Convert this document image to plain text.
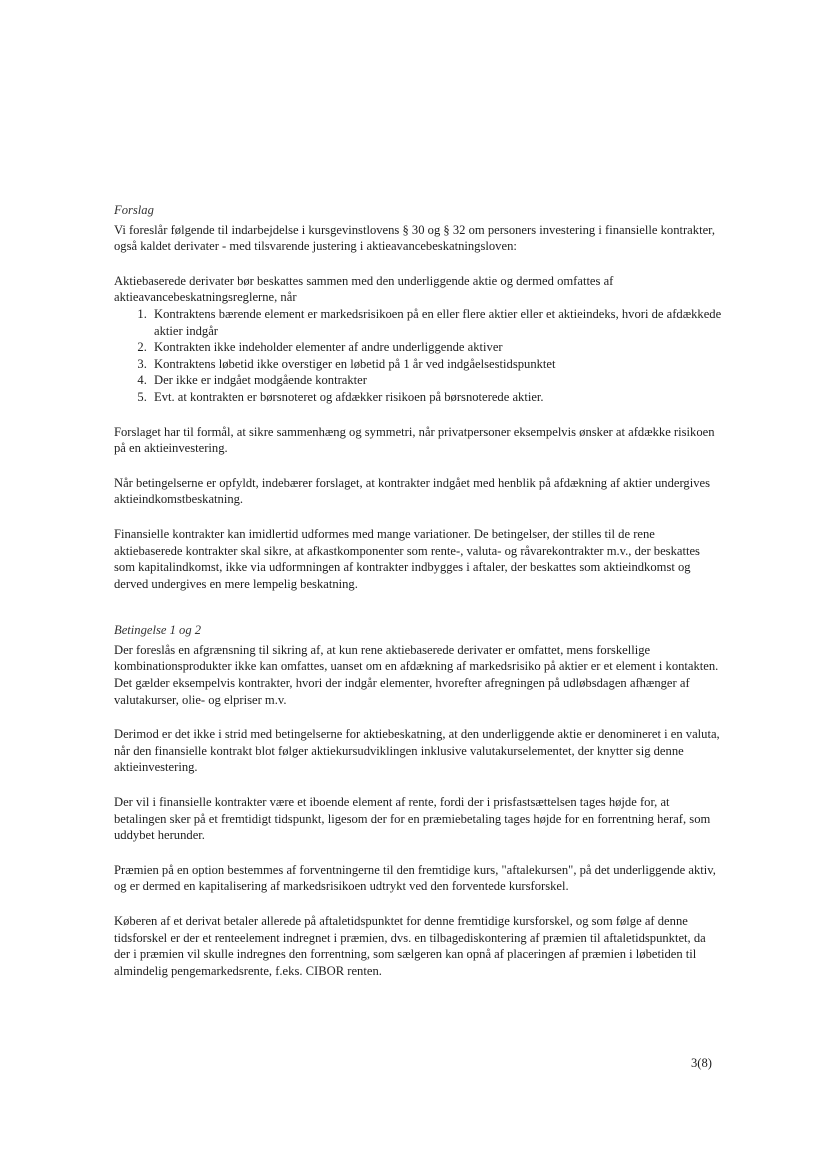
Forslag

Vi foreslår følgende til indarbejdelse i kursgevinstlovens § 30 og § 32 om personers investering i finansielle kontrakter, også kaldet derivater - med tilsvarende justering i aktieavancebeskatningsloven:

Aktiebaserede derivater bør beskattes sammen med den underliggende aktie og dermed omfattes af aktieavancebeskatningsreglerne, når

1. Kontraktens bærende element er markedsrisikoen på en eller flere aktier eller et aktieindeks, hvori de afdækkede aktier indgår
2. Kontrakten ikke indeholder elementer af andre underliggende aktiver
3. Kontraktens løbetid ikke overstiger en løbetid på 1 år ved indgåelsestidspunktet
4. Der ikke er indgået modgående kontrakter
5. Evt. at kontrakten er børsnoteret og afdækker risikoen på børsnoterede aktier.

Forslaget har til formål, at sikre sammenhæng og symmetri, når privatpersoner eksempelvis ønsker at afdække risikoen på en aktieinvestering.

Når betingelserne er opfyldt, indebærer forslaget, at kontrakter indgået med henblik på afdækning af aktier undergives aktieindkomstbeskatning.

Finansielle kontrakter kan imidlertid udformes med mange variationer. De betingelser, der stilles til de rene aktiebaserede kontrakter skal sikre, at afkastkomponenter som rente-, valuta- og råvarekontrakter m.v., der beskattes som kapitalindkomst, ikke via udformningen af kontrakter indbygges i aftaler, der beskattes som aktieindkomst og derved undergives en mere lempelig beskatning.

Betingelse 1 og 2

Der foreslås en afgrænsning til sikring af, at kun rene aktiebaserede derivater er omfattet, mens forskellige kombinationsprodukter ikke kan omfattes, uanset om en afdækning af markedsrisiko på aktier er et element i kontakten. Det gælder eksempelvis kontrakter, hvori der indgår elementer, hvorefter afregningen på udløbsdagen afhænger af valutakurser, olie- og elpriser m.v.

Derimod er det ikke i strid med betingelserne for aktiebeskatning, at den underliggende aktie er denomineret i en valuta, når den finansielle kontrakt blot følger aktiekursudviklingen inklusive valutakurselementet, der knytter sig denne aktieinvestering.

Der vil i finansielle kontrakter være et iboende element af rente, fordi der i prisfastsættelsen tages højde for, at betalingen sker på et fremtidigt tidspunkt, ligesom der for en præmiebetaling tages højde for en forrentning heraf, som uddybet herunder.

Præmien på en option bestemmes af forventningerne til den fremtidige kurs, "aftalekursen", på det underliggende aktiv, og er dermed en kapitalisering af markedsrisikoen udtrykt ved den forventede kursforskel.

Køberen af et derivat betaler allerede på aftaletidspunktet for denne fremtidige kursforskel, og som følge af denne tidsforskel er der et renteelement indregnet i præmien, dvs. en tilbagediskontering af præmien til aftaletidspunktet, da der i præmien vil skulle indregnes den forrentning, som sælgeren kan opnå af placeringen af præmien i løbetiden til almindelig pengemarkedsrente, f.eks. CIBOR renten.

3(8)
